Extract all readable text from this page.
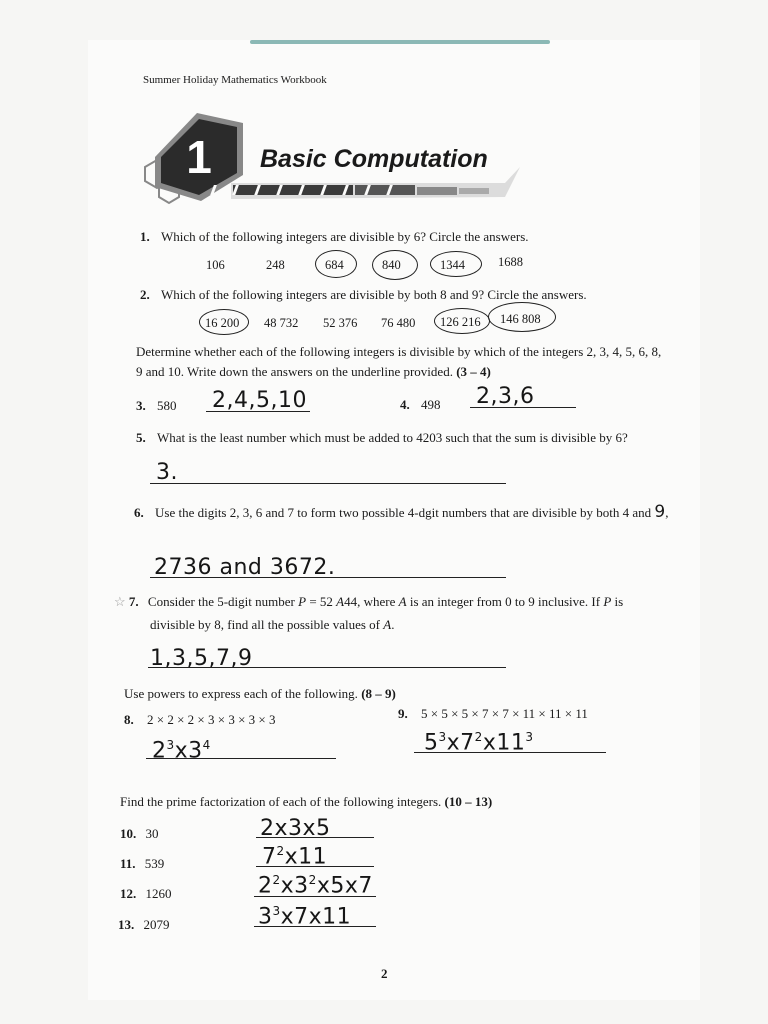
Summer Holiday Mathematics Workbook
1 Basic Computation
1. Which of the following integers are divisible by 6? Circle the answers.
106	248	684	840	1344	1688
2. Which of the following integers are divisible by both 8 and 9? Circle the answers.
16 200 48 732 52 376 76 480 126 216 146 808
Determine whether each of the following integers is divisible by which of the integers 2, 3, 4, 5, 6, 8,
9 and 10. Write down the answers on the underline provided. (3 – 4)
3. 580 2,4,5,10	4. 498 2,3,6
5. What is the least number which must be added to 4203 such that the sum is divisible by 6?
3.
6. Use the digits 2, 3, 6 and 7 to form two possible 4-dgit numbers that are divisible by both 4 and 9,
2736 and 3672.
☆ 7. Consider the 5-digit number P = 52 A44, where A is an integer from 0 to 9 inclusive. If P is
divisible by 8, find all the possible values of A.
1,3,5,7,9
Use powers to express each of the following. (8 – 9)
8. 2 × 2 × 2 × 3 × 3 × 3 × 3
$2^3x3^4$
9. 5 × 5 × 5 × 7 × 7 × 11 × 11 × 11
$5^3x7^2x11^3$
Find the prime factorization of each of the following integers. (10 – 13)
10. 30	2x3x5
11. 539	$7^2x11$
12. 1260	$2^2x3^2x5x7$
13. 2079	$3^3x7x11$
2
